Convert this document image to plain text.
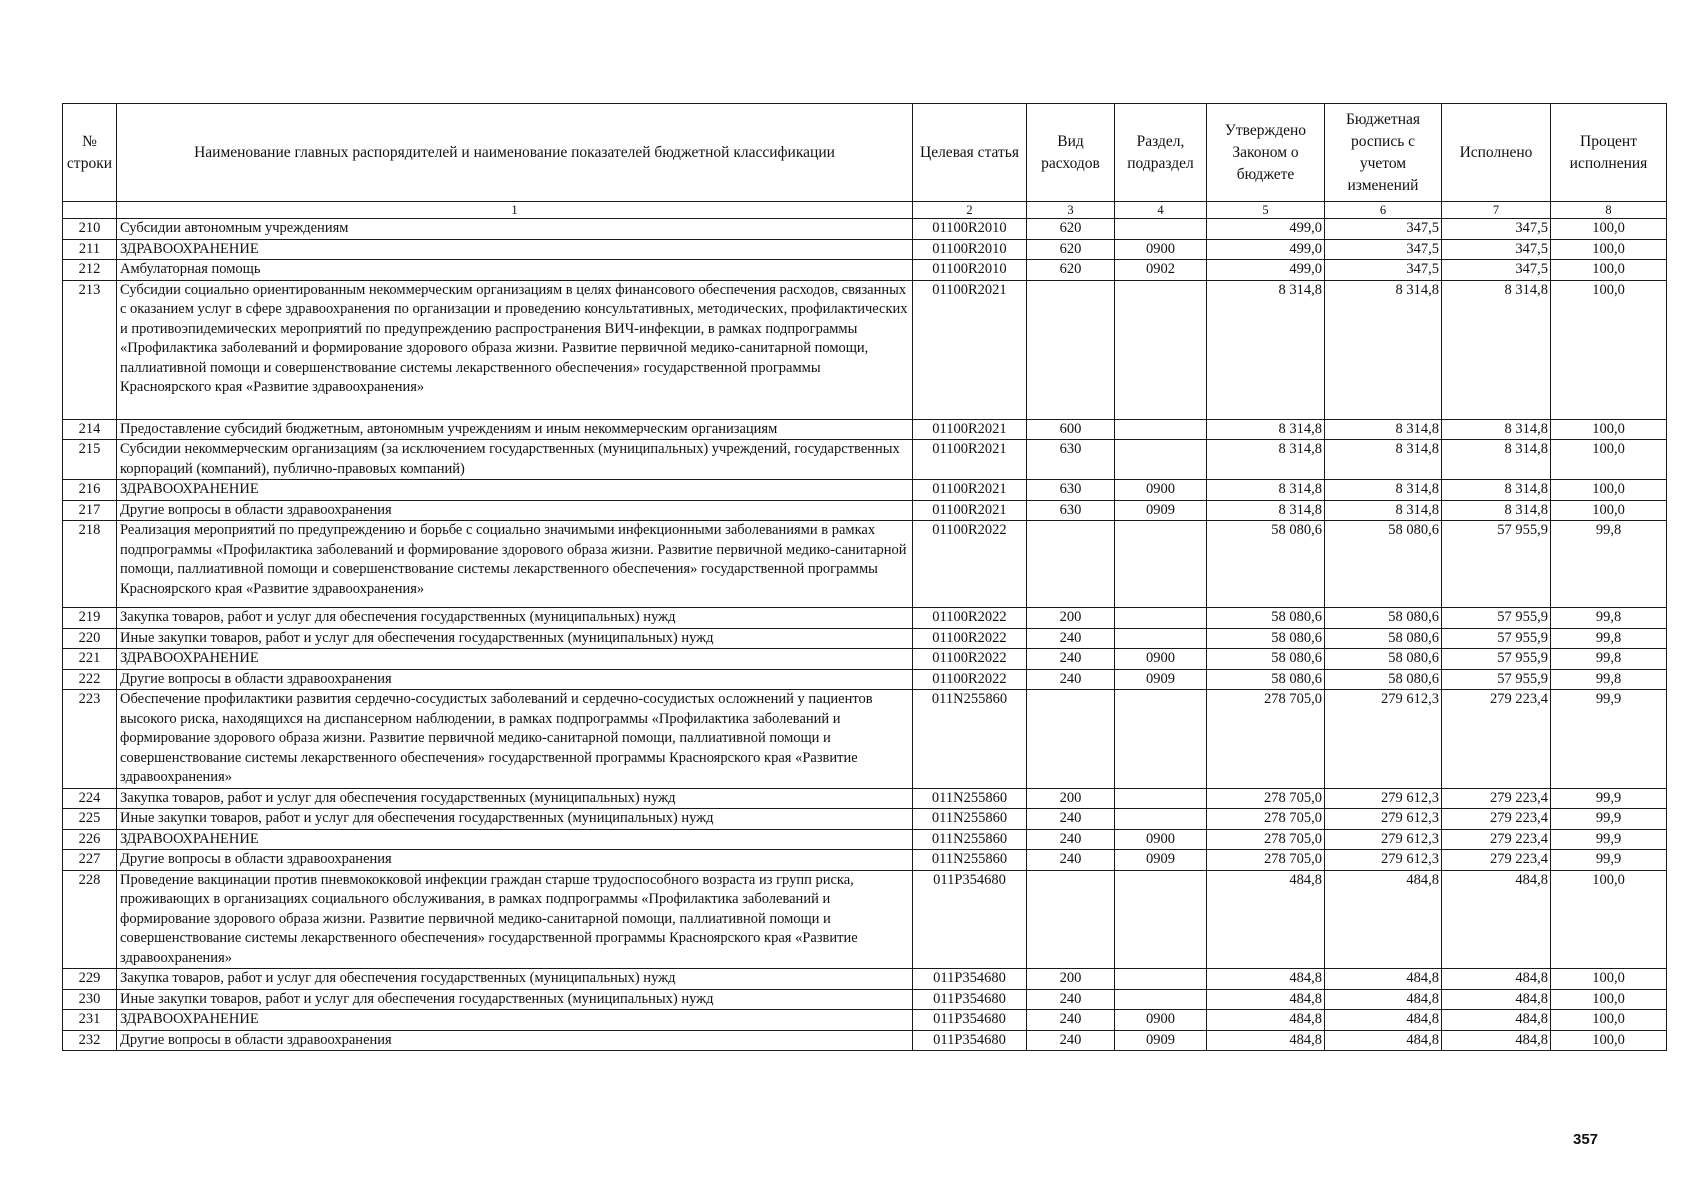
№ строки	Наименование главных распорядителей и наименование показателей бюджетной классификации	Целевая статья	Вид расходов	Раздел, подраздел	Утверждено Законом о бюджете	Бюджетная роспись с учетом изменений	Исполнено	Процент исполнения
	1	2	3	4	5	6	7	8
210	Субсидии автономным учреждениям	01100R2010	620		499,0	347,5	347,5	100,0
211	ЗДРАВООХРАНЕНИЕ	01100R2010	620	0900	499,0	347,5	347,5	100,0
212	Амбулаторная помощь	01100R2010	620	0902	499,0	347,5	347,5	100,0
213	Субсидии социально ориентированным некоммерческим организациям в целях финансового обеспечения расходов, связанных с оказанием услуг в сфере здравоохранения по организации и проведению консультативных, методических, профилактических и противоэпидемических мероприятий по предупреждению распространения ВИЧ-инфекции, в рамках подпрограммы «Профилактика заболеваний и формирование здорового образа жизни. Развитие первичной медико-санитарной помощи, паллиативной помощи и совершенствование системы лекарственного обеспечения» государственной программы Красноярского края «Развитие здравоохранения»	01100R2021			8 314,8	8 314,8	8 314,8	100,0
214	Предоставление субсидий бюджетным, автономным учреждениям и иным некоммерческим организациям	01100R2021	600		8 314,8	8 314,8	8 314,8	100,0
215	Субсидии некоммерческим организациям (за исключением государственных (муниципальных) учреждений, государственных корпораций (компаний), публично-правовых компаний)	01100R2021	630		8 314,8	8 314,8	8 314,8	100,0
216	ЗДРАВООХРАНЕНИЕ	01100R2021	630	0900	8 314,8	8 314,8	8 314,8	100,0
217	Другие вопросы в области здравоохранения	01100R2021	630	0909	8 314,8	8 314,8	8 314,8	100,0
218	Реализация мероприятий по предупреждению и борьбе с социально значимыми инфекционными заболеваниями в рамках подпрограммы «Профилактика заболеваний и формирование здорового образа жизни. Развитие первичной медико-санитарной помощи, паллиативной помощи и совершенствование системы лекарственного обеспечения» государственной программы Красноярского края «Развитие здравоохранения»	01100R2022			58 080,6	58 080,6	57 955,9	99,8
219	Закупка товаров, работ и услуг для обеспечения государственных (муниципальных) нужд	01100R2022	200		58 080,6	58 080,6	57 955,9	99,8
220	Иные закупки товаров, работ и услуг для обеспечения государственных (муниципальных) нужд	01100R2022	240		58 080,6	58 080,6	57 955,9	99,8
221	ЗДРАВООХРАНЕНИЕ	01100R2022	240	0900	58 080,6	58 080,6	57 955,9	99,8
222	Другие вопросы в области здравоохранения	01100R2022	240	0909	58 080,6	58 080,6	57 955,9	99,8
223	Обеспечение профилактики развития сердечно-сосудистых заболеваний и сердечно-сосудистых осложнений у пациентов высокого риска, находящихся на диспансерном наблюдении, в рамках подпрограммы «Профилактика заболеваний и формирование здорового образа жизни. Развитие первичной медико-санитарной помощи, паллиативной помощи и совершенствование системы лекарственного обеспечения» государственной программы Красноярского края «Развитие здравоохранения»	011N255860			278 705,0	279 612,3	279 223,4	99,9
224	Закупка товаров, работ и услуг для обеспечения государственных (муниципальных) нужд	011N255860	200		278 705,0	279 612,3	279 223,4	99,9
225	Иные закупки товаров, работ и услуг для обеспечения государственных (муниципальных) нужд	011N255860	240		278 705,0	279 612,3	279 223,4	99,9
226	ЗДРАВООХРАНЕНИЕ	011N255860	240	0900	278 705,0	279 612,3	279 223,4	99,9
227	Другие вопросы в области здравоохранения	011N255860	240	0909	278 705,0	279 612,3	279 223,4	99,9
228	Проведение вакцинации против пневмококковой инфекции граждан старше трудоспособного возраста из групп риска, проживающих в организациях социального обслуживания, в рамках подпрограммы «Профилактика заболеваний и формирование здорового образа жизни. Развитие первичной медико-санитарной помощи, паллиативной помощи и совершенствование системы лекарственного обеспечения» государственной программы Красноярского края «Развитие здравоохранения»	011P354680			484,8	484,8	484,8	100,0
229	Закупка товаров, работ и услуг для обеспечения государственных (муниципальных) нужд	011P354680	200		484,8	484,8	484,8	100,0
230	Иные закупки товаров, работ и услуг для обеспечения государственных (муниципальных) нужд	011P354680	240		484,8	484,8	484,8	100,0
231	ЗДРАВООХРАНЕНИЕ	011P354680	240	0900	484,8	484,8	484,8	100,0
232	Другие вопросы в области здравоохранения	011P354680	240	0909	484,8	484,8	484,8	100,0
357
